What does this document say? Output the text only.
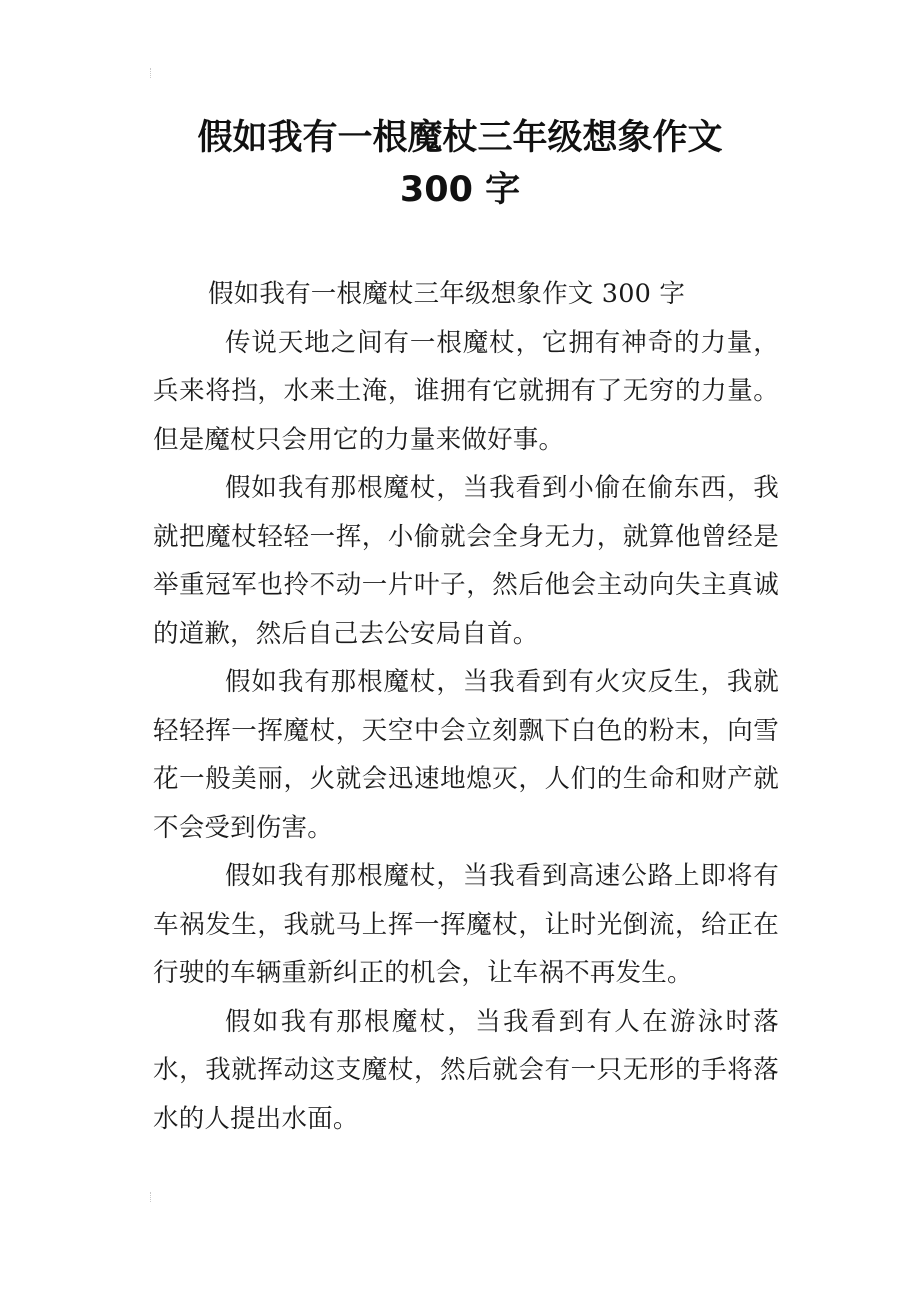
假如我有一根魔杖三年级想象作文
300 字

假如我有一根魔杖三年级想象作文 300 字

传说天地之间有一根魔杖，它拥有神奇的力量，兵来将挡，水来土淹，谁拥有它就拥有了无穷的力量。但是魔杖只会用它的力量来做好事。

假如我有那根魔杖，当我看到小偷在偷东西，我就把魔杖轻轻一挥，小偷就会全身无力，就算他曾经是举重冠军也拎不动一片叶子，然后他会主动向失主真诚的道歉，然后自己去公安局自首。

假如我有那根魔杖，当我看到有火灾反生，我就轻轻挥一挥魔杖，天空中会立刻飘下白色的粉末，向雪花一般美丽，火就会迅速地熄灭，人们的生命和财产就不会受到伤害。

假如我有那根魔杖，当我看到高速公路上即将有车祸发生，我就马上挥一挥魔杖，让时光倒流，给正在行驶的车辆重新纠正的机会，让车祸不再发生。

假如我有那根魔杖，当我看到有人在游泳时落水，我就挥动这支魔杖，然后就会有一只无形的手将落水的人提出水面。
